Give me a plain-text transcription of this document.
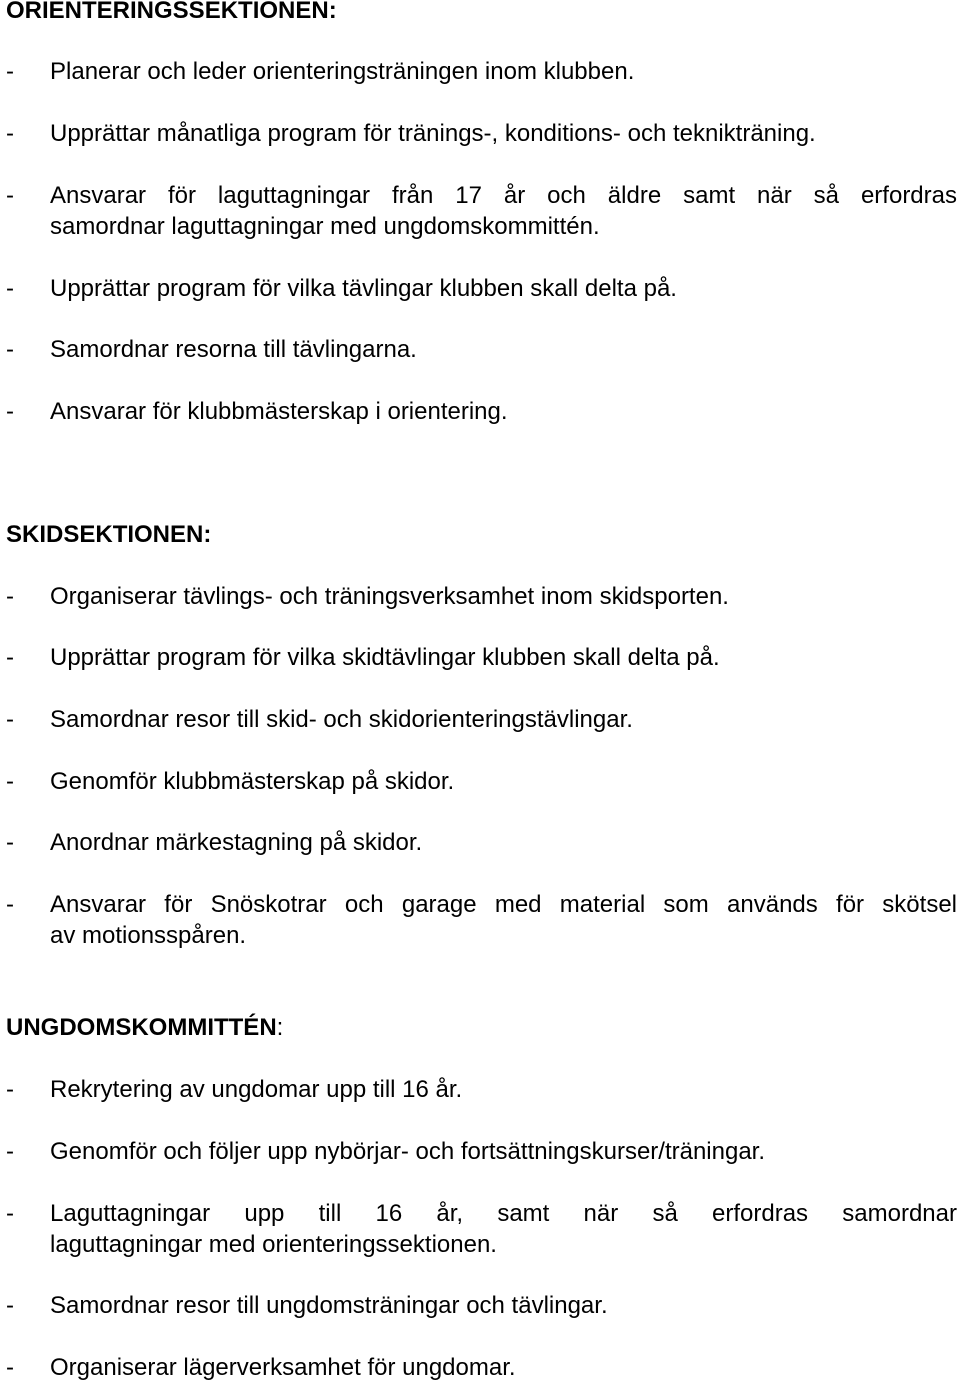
ORIENTERINGSSEKTIONEN:
- Planerar och leder orienteringsträningen inom klubben.
- Upprättar månatliga program för tränings-, konditions- och teknikträning.
- Ansvarar för laguttagningar från 17 år och äldre samt när så erfordras
samordnar laguttagningar med ungdomskommittén.
- Upprättar program för vilka tävlingar klubben skall delta på.
- Samordnar resorna till tävlingarna.
- Ansvarar för klubbmästerskap i orientering.
SKIDSEKTIONEN:
- Organiserar tävlings- och träningsverksamhet inom skidsporten.
- Upprättar program för vilka skidtävlingar klubben skall delta på.
- Samordnar resor till skid- och skidorienteringstävlingar.
- Genomför klubbmästerskap på skidor.
- Anordnar märkestagning på skidor.
- Ansvarar för Snöskotrar och garage med material som används för skötsel
av motionsspåren.
UNGDOMSKOMMITTÉN:
- Rekrytering av ungdomar upp till 16 år.
- Genomför och följer upp nybörjar- och fortsättningskurser/träningar.
- Laguttagningar upp till 16 år, samt när så erfordras samordnar
laguttagningar med orienteringssektionen.
- Samordnar resor till ungdomsträningar och tävlingar.
- Organiserar lägerverksamhet för ungdomar.
